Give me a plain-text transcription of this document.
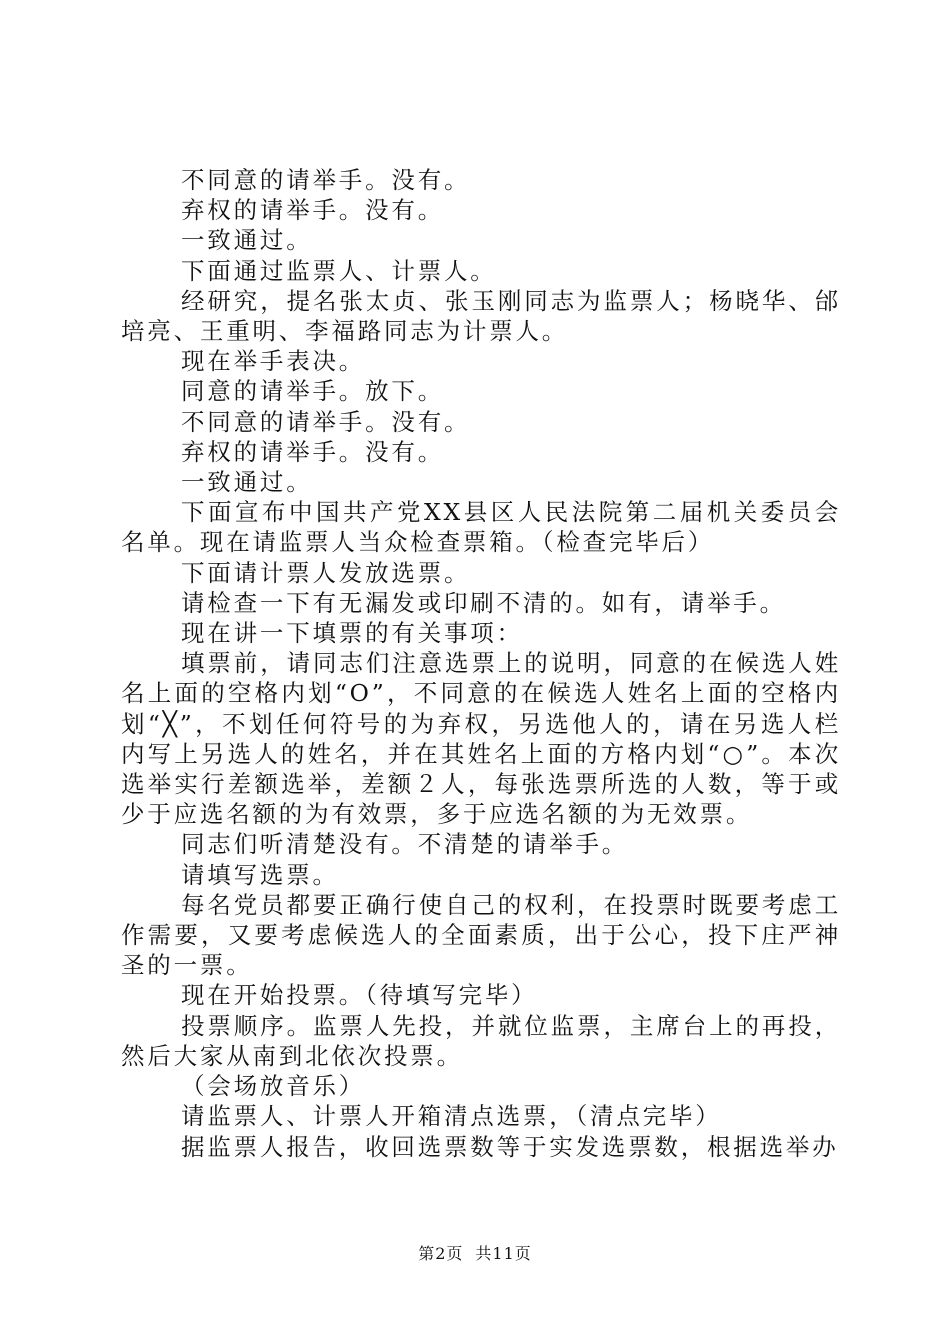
不同意的请举手。没有。

弃权的请举手。没有。

一致通过。

下面通过监票人、计票人。

经研究，提名张太贞、张玉刚同志为监票人；杨晓华、邰培亮、王重明、李福路同志为计票人。

现在举手表决。

同意的请举手。放下。

不同意的请举手。没有。

弃权的请举手。没有。

一致通过。

下面宣布中国共产党XX县区人民法院第二届机关委员会名单。现在请监票人当众检查票箱。（检查完毕后）

下面请计票人发放选票。

请检查一下有无漏发或印刷不清的。如有，请举手。

现在讲一下填票的有关事项：

填票前，请同志们注意选票上的说明，同意的在候选人姓名上面的空格内划“О”，不同意的在候选人姓名上面的空格内划“╳”，不划任何符号的为弃权，另选他人的，请在另选人栏内写上另选人的姓名，并在其姓名上面的方格内划“○”。本次选举实行差额选举，差额２人，每张选票所选的人数，等于或少于应选名额的为有效票，多于应选名额的为无效票。

同志们听清楚没有。不清楚的请举手。

请填写选票。

每名党员都要正确行使自己的权利，在投票时既要考虑工作需要，又要考虑候选人的全面素质，出于公心，投下庄严神圣的一票。

现在开始投票。（待填写完毕）

投票顺序。监票人先投，并就位监票，主席台上的再投，然后大家从南到北依次投票。

（会场放音乐）

请监票人、计票人开箱清点选票，（清点完毕）

据监票人报告，收回选票数等于实发选票数，根据选举办

第2页 共11页
